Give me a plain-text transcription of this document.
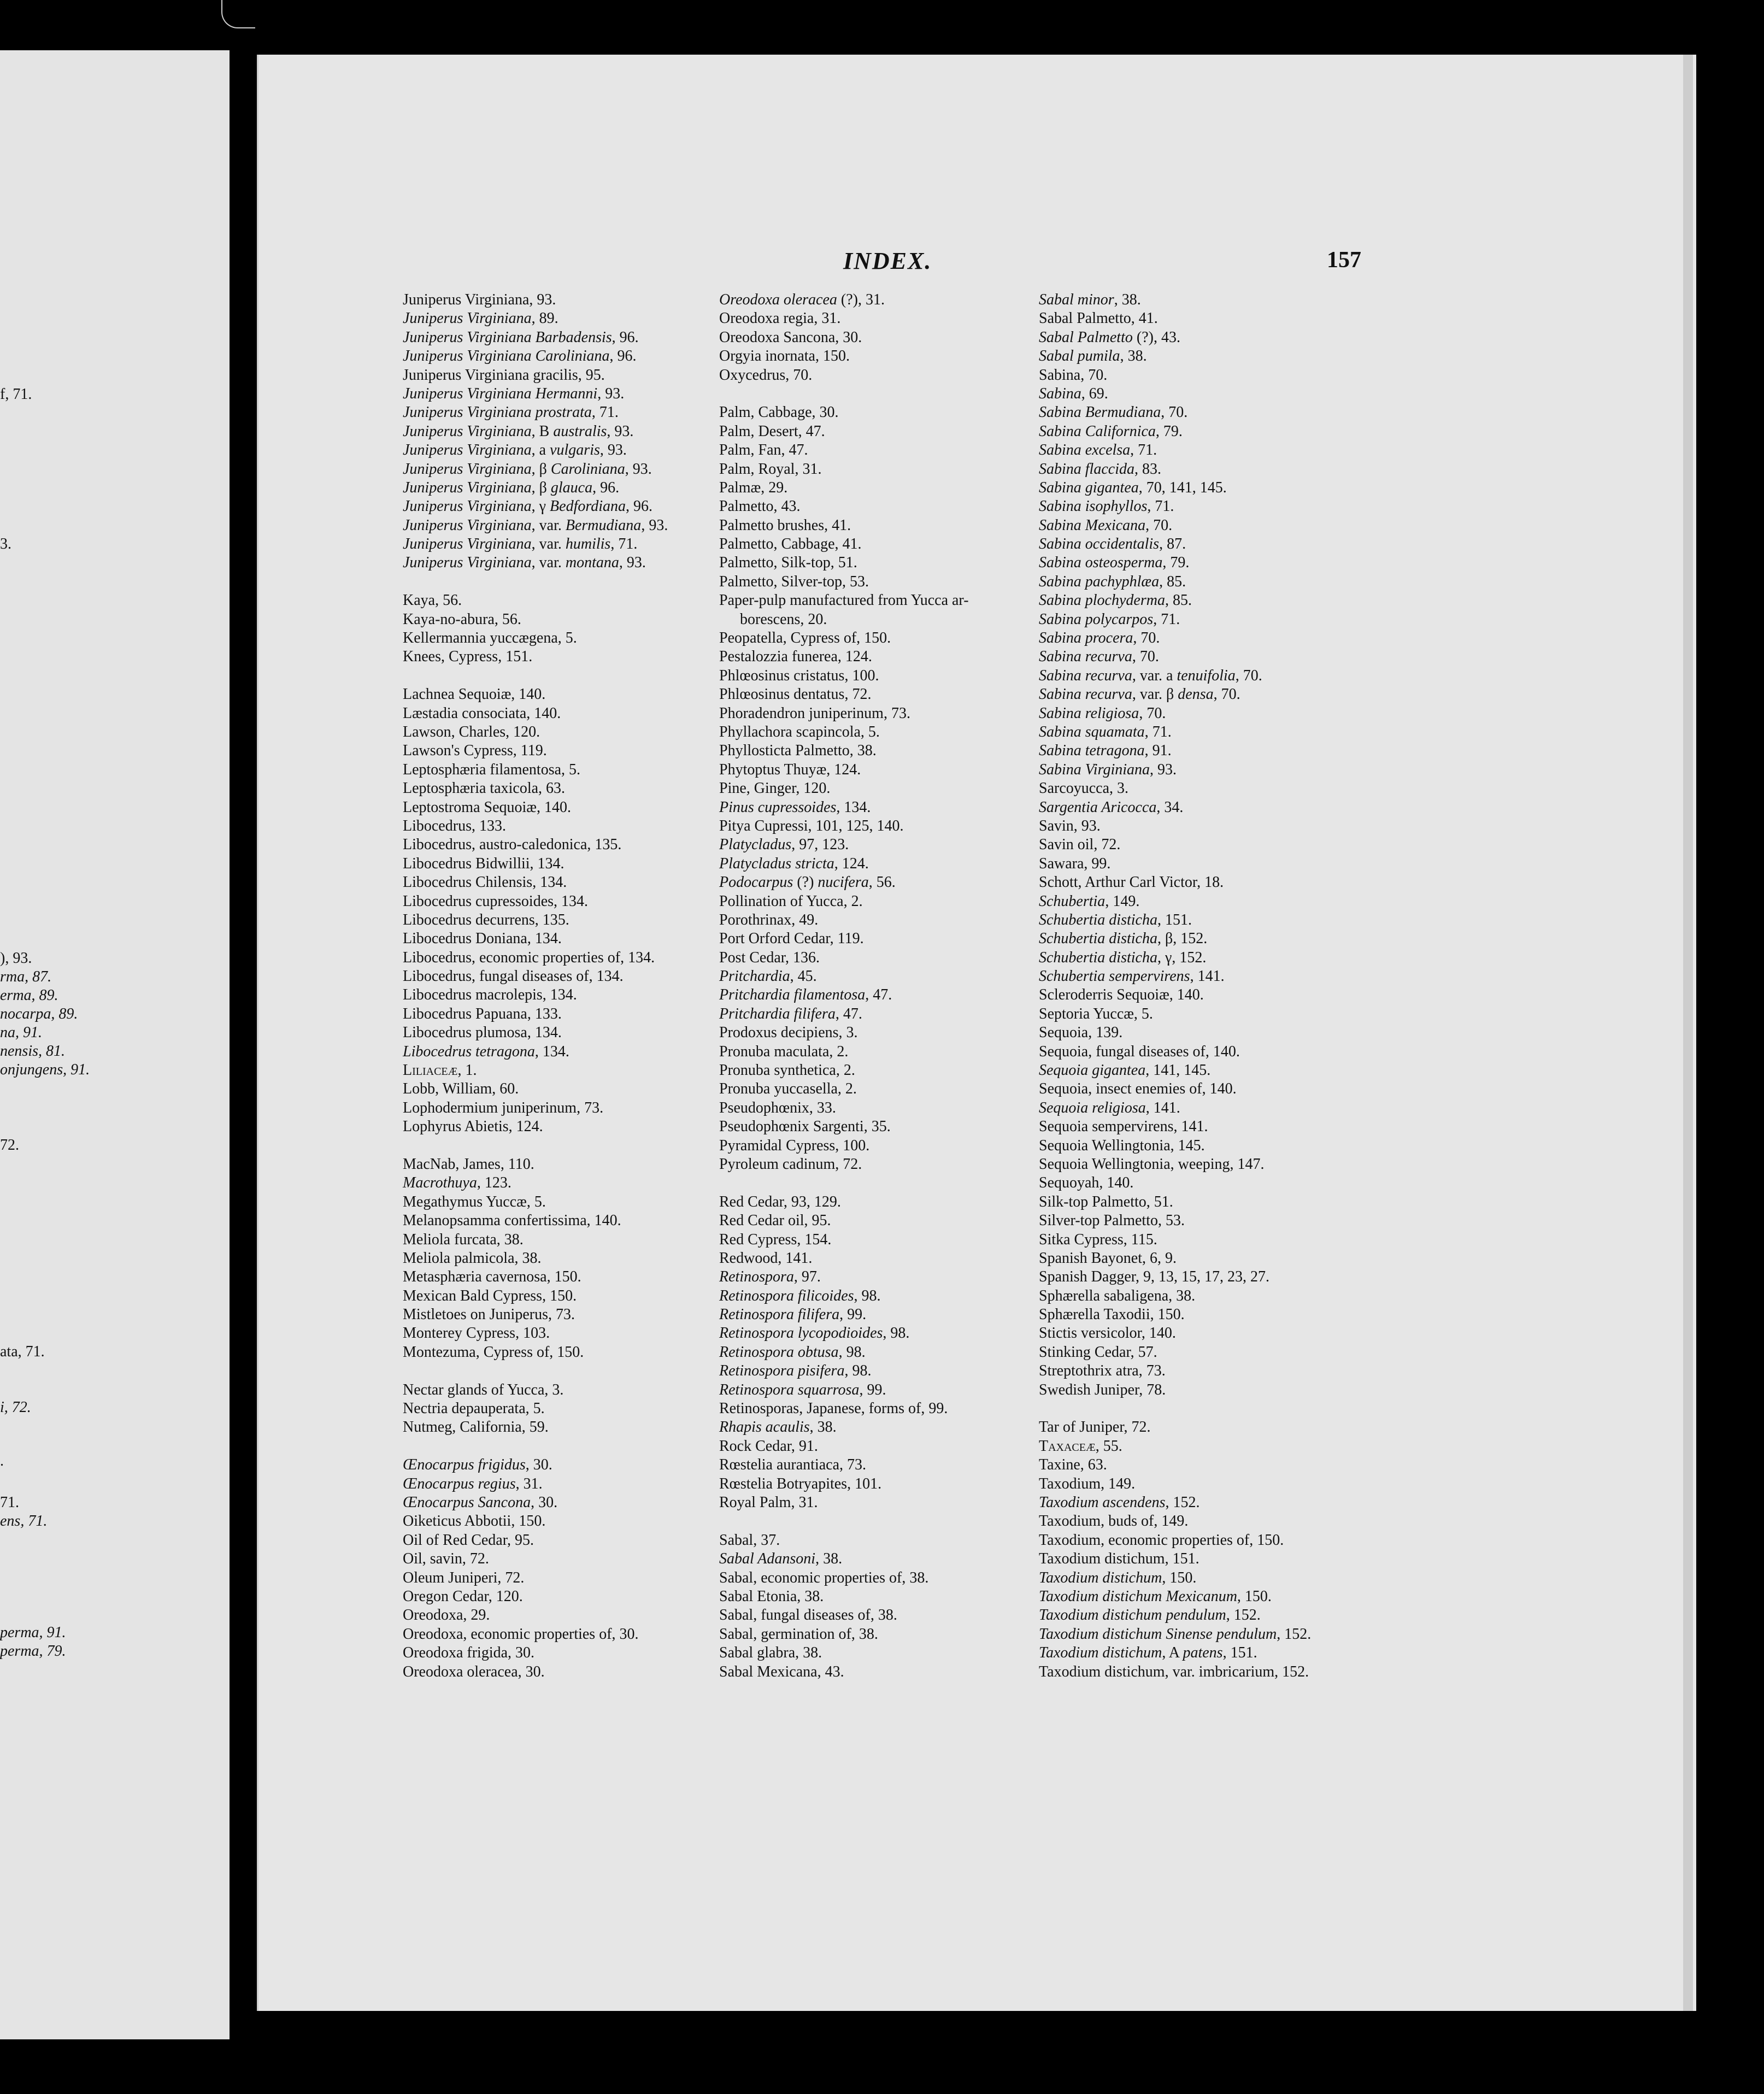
f, 71.
3.
), 93.
rma, 87.
erma, 89.
nocarpa, 89.
na, 91.
nensis, 81.
onjungens, 91.
72.
ata, 71.
i, 72.
.
71.
ens, 71.
perma, 91.
perma, 79.
INDEX.	157
Juniperus Virginiana, 93.
Juniperus Virginiana, 89.
Juniperus Virginiana Barbadensis, 96.
Juniperus Virginiana Caroliniana, 96.
Juniperus Virginiana gracilis, 95.
Juniperus Virginiana Hermanni, 93.
Juniperus Virginiana prostrata, 71.
Juniperus Virginiana, B australis, 93.
Juniperus Virginiana, a vulgaris, 93.
Juniperus Virginiana, β Caroliniana, 93.
Juniperus Virginiana, β glauca, 96.
Juniperus Virginiana, γ Bedfordiana, 96.
Juniperus Virginiana, var. Bermudiana, 93.
Juniperus Virginiana, var. humilis, 71.
Juniperus Virginiana, var. montana, 93.
Kaya, 56.
Kaya-no-abura, 56.
Kellermannia yuccægena, 5.
Knees, Cypress, 151.
Lachnea Sequoiæ, 140.
Læstadia consociata, 140.
Lawson, Charles, 120.
Lawson's Cypress, 119.
Leptosphæria filamentosa, 5.
Leptosphæria taxicola, 63.
Leptostroma Sequoiæ, 140.
Libocedrus, 133.
Libocedrus, austro-caledonica, 135.
Libocedrus Bidwillii, 134.
Libocedrus Chilensis, 134.
Libocedrus cupressoides, 134.
Libocedrus decurrens, 135.
Libocedrus Doniana, 134.
Libocedrus, economic properties of, 134.
Libocedrus, fungal diseases of, 134.
Libocedrus macrolepis, 134.
Libocedrus Papuana, 133.
Libocedrus plumosa, 134.
Libocedrus tetragona, 134.
Liliaceæ, 1.
Lobb, William, 60.
Lophodermium juniperinum, 73.
Lophyrus Abietis, 124.
MacNab, James, 110.
Macrothuya, 123.
Megathymus Yuccæ, 5.
Melanopsamma confertissima, 140.
Meliola furcata, 38.
Meliola palmicola, 38.
Metasphæria cavernosa, 150.
Mexican Bald Cypress, 150.
Mistletoes on Juniperus, 73.
Monterey Cypress, 103.
Montezuma, Cypress of, 150.
Nectar glands of Yucca, 3.
Nectria depauperata, 5.
Nutmeg, California, 59.
Œnocarpus frigidus, 30.
Œnocarpus regius, 31.
Œnocarpus Sancona, 30.
Oiketicus Abbotii, 150.
Oil of Red Cedar, 95.
Oil, savin, 72.
Oleum Juniperi, 72.
Oregon Cedar, 120.
Oreodoxa, 29.
Oreodoxa, economic properties of, 30.
Oreodoxa frigida, 30.
Oreodoxa oleracea, 30.
Oreodoxa oleracea (?), 31.
Oreodoxa regia, 31.
Oreodoxa Sancona, 30.
Orgyia inornata, 150.
Oxycedrus, 70.
Palm, Cabbage, 30.
Palm, Desert, 47.
Palm, Fan, 47.
Palm, Royal, 31.
Palmæ, 29.
Palmetto, 43.
Palmetto brushes, 41.
Palmetto, Cabbage, 41.
Palmetto, Silk-top, 51.
Palmetto, Silver-top, 53.
Paper-pulp manufactured from Yucca ar-
borescens, 20.
Peopatella, Cypress of, 150.
Pestalozzia funerea, 124.
Phlœosinus cristatus, 100.
Phlœosinus dentatus, 72.
Phoradendron juniperinum, 73.
Phyllachora scapincola, 5.
Phyllosticta Palmetto, 38.
Phytoptus Thuyæ, 124.
Pine, Ginger, 120.
Pinus cupressoides, 134.
Pitya Cupressi, 101, 125, 140.
Platycladus, 97, 123.
Platycladus stricta, 124.
Podocarpus (?) nucifera, 56.
Pollination of Yucca, 2.
Porothrinax, 49.
Port Orford Cedar, 119.
Post Cedar, 136.
Pritchardia, 45.
Pritchardia filamentosa, 47.
Pritchardia filifera, 47.
Prodoxus decipiens, 3.
Pronuba maculata, 2.
Pronuba synthetica, 2.
Pronuba yuccasella, 2.
Pseudophœnix, 33.
Pseudophœnix Sargenti, 35.
Pyramidal Cypress, 100.
Pyroleum cadinum, 72.
Red Cedar, 93, 129.
Red Cedar oil, 95.
Red Cypress, 154.
Redwood, 141.
Retinospora, 97.
Retinospora filicoides, 98.
Retinospora filifera, 99.
Retinospora lycopodioides, 98.
Retinospora obtusa, 98.
Retinospora pisifera, 98.
Retinospora squarrosa, 99.
Retinosporas, Japanese, forms of, 99.
Rhapis acaulis, 38.
Rock Cedar, 91.
Rœstelia aurantiaca, 73.
Rœstelia Botryapites, 101.
Royal Palm, 31.
Sabal, 37.
Sabal Adansoni, 38.
Sabal, economic properties of, 38.
Sabal Etonia, 38.
Sabal, fungal diseases of, 38.
Sabal, germination of, 38.
Sabal glabra, 38.
Sabal Mexicana, 43.
Sabal minor, 38.
Sabal Palmetto, 41.
Sabal Palmetto (?), 43.
Sabal pumila, 38.
Sabina, 70.
Sabina, 69.
Sabina Bermudiana, 70.
Sabina Californica, 79.
Sabina excelsa, 71.
Sabina flaccida, 83.
Sabina gigantea, 70, 141, 145.
Sabina isophyllos, 71.
Sabina Mexicana, 70.
Sabina occidentalis, 87.
Sabina osteosperma, 79.
Sabina pachyphlæa, 85.
Sabina plochyderma, 85.
Sabina polycarpos, 71.
Sabina procera, 70.
Sabina recurva, 70.
Sabina recurva, var. a tenuifolia, 70.
Sabina recurva, var. β densa, 70.
Sabina religiosa, 70.
Sabina squamata, 71.
Sabina tetragona, 91.
Sabina Virginiana, 93.
Sarcoyucca, 3.
Sargentia Aricocca, 34.
Savin, 93.
Savin oil, 72.
Sawara, 99.
Schott, Arthur Carl Victor, 18.
Schubertia, 149.
Schubertia disticha, 151.
Schubertia disticha, β, 152.
Schubertia disticha, γ, 152.
Schubertia sempervirens, 141.
Scleroderris Sequoiæ, 140.
Septoria Yuccæ, 5.
Sequoia, 139.
Sequoia, fungal diseases of, 140.
Sequoia gigantea, 141, 145.
Sequoia, insect enemies of, 140.
Sequoia religiosa, 141.
Sequoia sempervirens, 141.
Sequoia Wellingtonia, 145.
Sequoia Wellingtonia, weeping, 147.
Sequoyah, 140.
Silk-top Palmetto, 51.
Silver-top Palmetto, 53.
Sitka Cypress, 115.
Spanish Bayonet, 6, 9.
Spanish Dagger, 9, 13, 15, 17, 23, 27.
Sphærella sabaligena, 38.
Sphærella Taxodii, 150.
Stictis versicolor, 140.
Stinking Cedar, 57.
Streptothrix atra, 73.
Swedish Juniper, 78.
Tar of Juniper, 72.
Taxaceæ, 55.
Taxine, 63.
Taxodium, 149.
Taxodium ascendens, 152.
Taxodium, buds of, 149.
Taxodium, economic properties of, 150.
Taxodium distichum, 151.
Taxodium distichum, 150.
Taxodium distichum Mexicanum, 150.
Taxodium distichum pendulum, 152.
Taxodium distichum Sinense pendulum, 152.
Taxodium distichum, A patens, 151.
Taxodium distichum, var. imbricarium, 152.
